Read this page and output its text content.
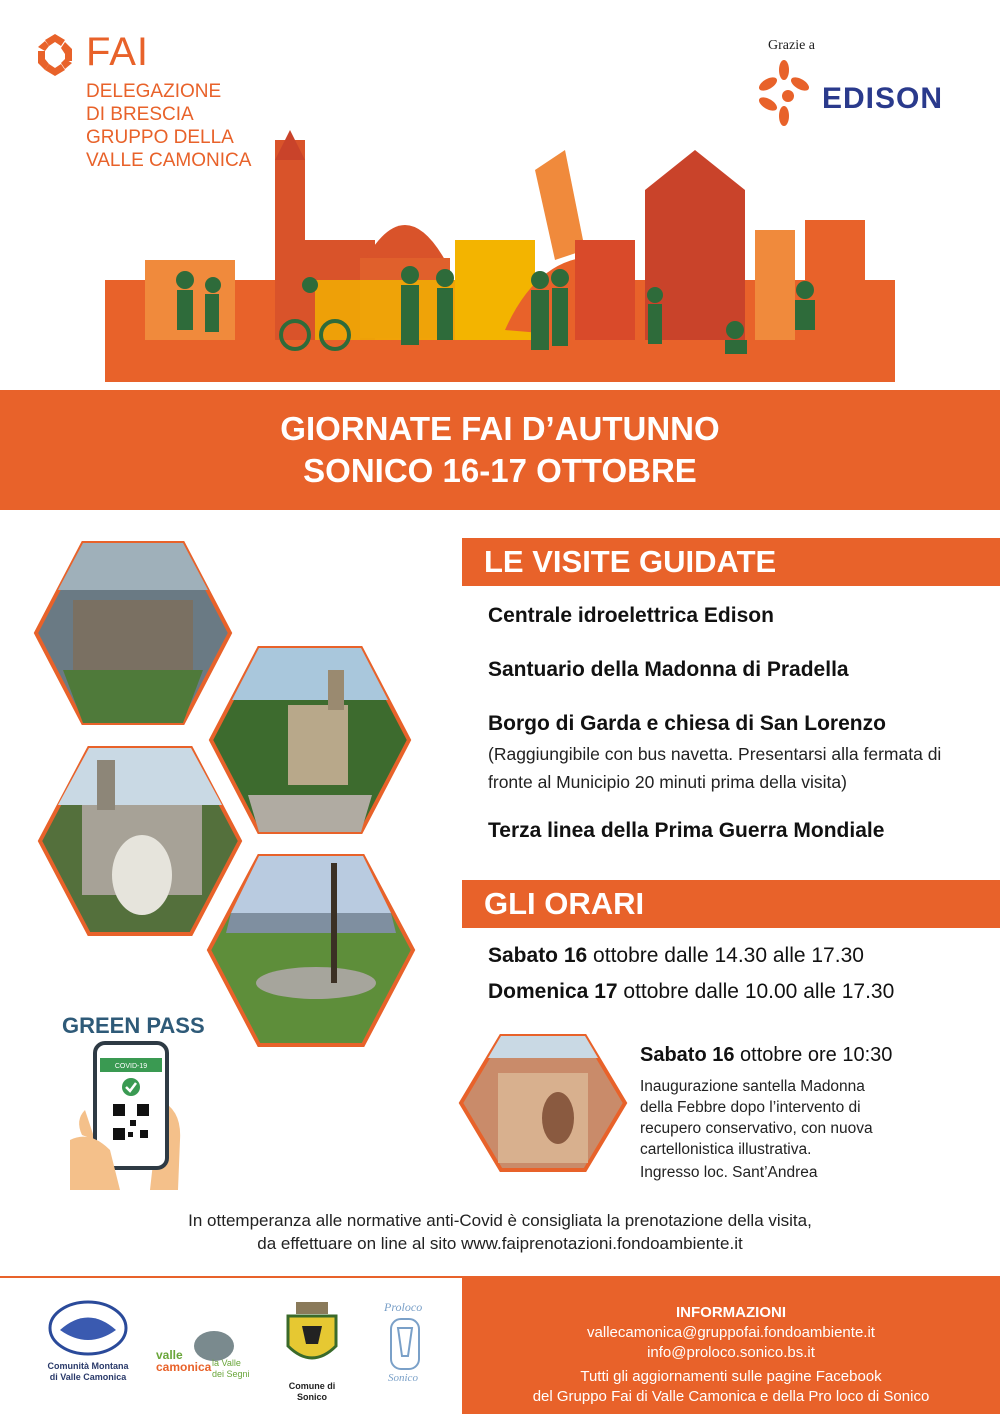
FAI
DELEGAZIONE
DI BRESCIA
GRUPPO DELLA
VALLE CAMONICA
Grazie a
EDISON
GIORNATE FAI D’AUTUNNO
SONICO 16-17 OTTOBRE
LE VISITE GUIDATE
Centrale idroelettrica Edison
Santuario della Madonna di Pradella
Borgo di Garda e chiesa di San Lorenzo
(Raggiungibile con bus navetta. Presentarsi alla fermata di
fronte al Municipio 20 minuti prima della visita)
Terza linea della Prima Guerra Mondiale
GLI ORARI
Sabato 16 ottobre dalle 14.30 alle 17.30
Domenica 17 ottobre dalle 10.00 alle 17.30
GREEN PASS
COVID-19
Sabato 16 ottobre ore 10:30
Inaugurazione santella Madonna
della Febbre dopo l’intervento di
recupero conservativo, con nuova
cartellonistica illustrativa.
Ingresso loc. Sant’Andrea
In ottemperanza alle normative anti-Covid è consigliata la prenotazione della visita,
da effettuare on line al sito www.faiprenotazioni.fondoambiente.it
Comunità Montana
di Valle Camonica
valle
camonica la Valle
dei Segni
Comune di
Sonico
Proloco
Sonico
INFORMAZIONI
vallecamonica@gruppofai.fondoambiente.it
info@proloco.sonico.bs.it
Tutti gli aggiornamenti sulle pagine Facebook
del Gruppo Fai di Valle Camonica e della Pro loco di Sonico
